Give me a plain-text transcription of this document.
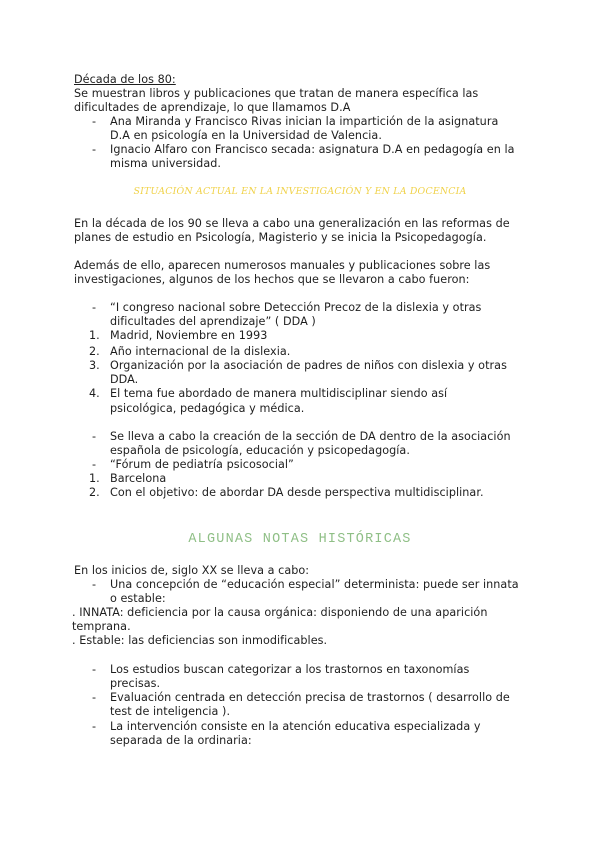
Década de los 80:
Se muestran libros y publicaciones que tratan de manera específica las
dificultades de aprendizaje, lo que llamamos D.A
- Ana Miranda y Francisco Rivas inician la impartición de la asignatura
D.A en psicología en la Universidad de Valencia.
- Ignacio Alfaro con Francisco secada: asignatura D.A en pedagogía en la
misma universidad.
SITUACIÓN ACTUAL EN LA INVESTIGACIÓN Y EN LA DOCENCIA
En la década de los 90 se lleva a cabo una generalización en las reformas de
planes de estudio en Psicología, Magisterio y se inicia la Psicopedagogía.
Además de ello, aparecen numerosos manuales y publicaciones sobre las
investigaciones, algunos de los hechos que se llevaron a cabo fueron:
- “I congreso nacional sobre Detección Precoz de la dislexia y otras
dificultades del aprendizaje” ( DDA )
1. Madrid, Noviembre en 1993
2. Año internacional de la dislexia.
3. Organización por la asociación de padres de niños con dislexia y otras
DDA.
4. El tema fue abordado de manera multidisciplinar siendo así
psicológica, pedagógica y médica.
- Se lleva a cabo la creación de la sección de DA dentro de la asociación
española de psicología, educación y psicopedagogía.
- “Fórum de pediatría psicosocial”
1. Barcelona
2. Con el objetivo: de abordar DA desde perspectiva multidisciplinar.
ALGUNAS NOTAS HISTÓRICAS
En los inicios de, siglo XX se lleva a cabo:
- Una concepción de “educación especial” determinista: puede ser innata
o estable:
. INNATA: deficiencia por la causa orgánica: disponiendo de una aparición
temprana.
. Estable: las deficiencias son inmodificables.
- Los estudios buscan categorizar a los trastornos en taxonomías
precisas.
- Evaluación centrada en detección precisa de trastornos ( desarrollo de
test de inteligencia ).
- La intervención consiste en la atención educativa especializada y
separada de la ordinaria:
